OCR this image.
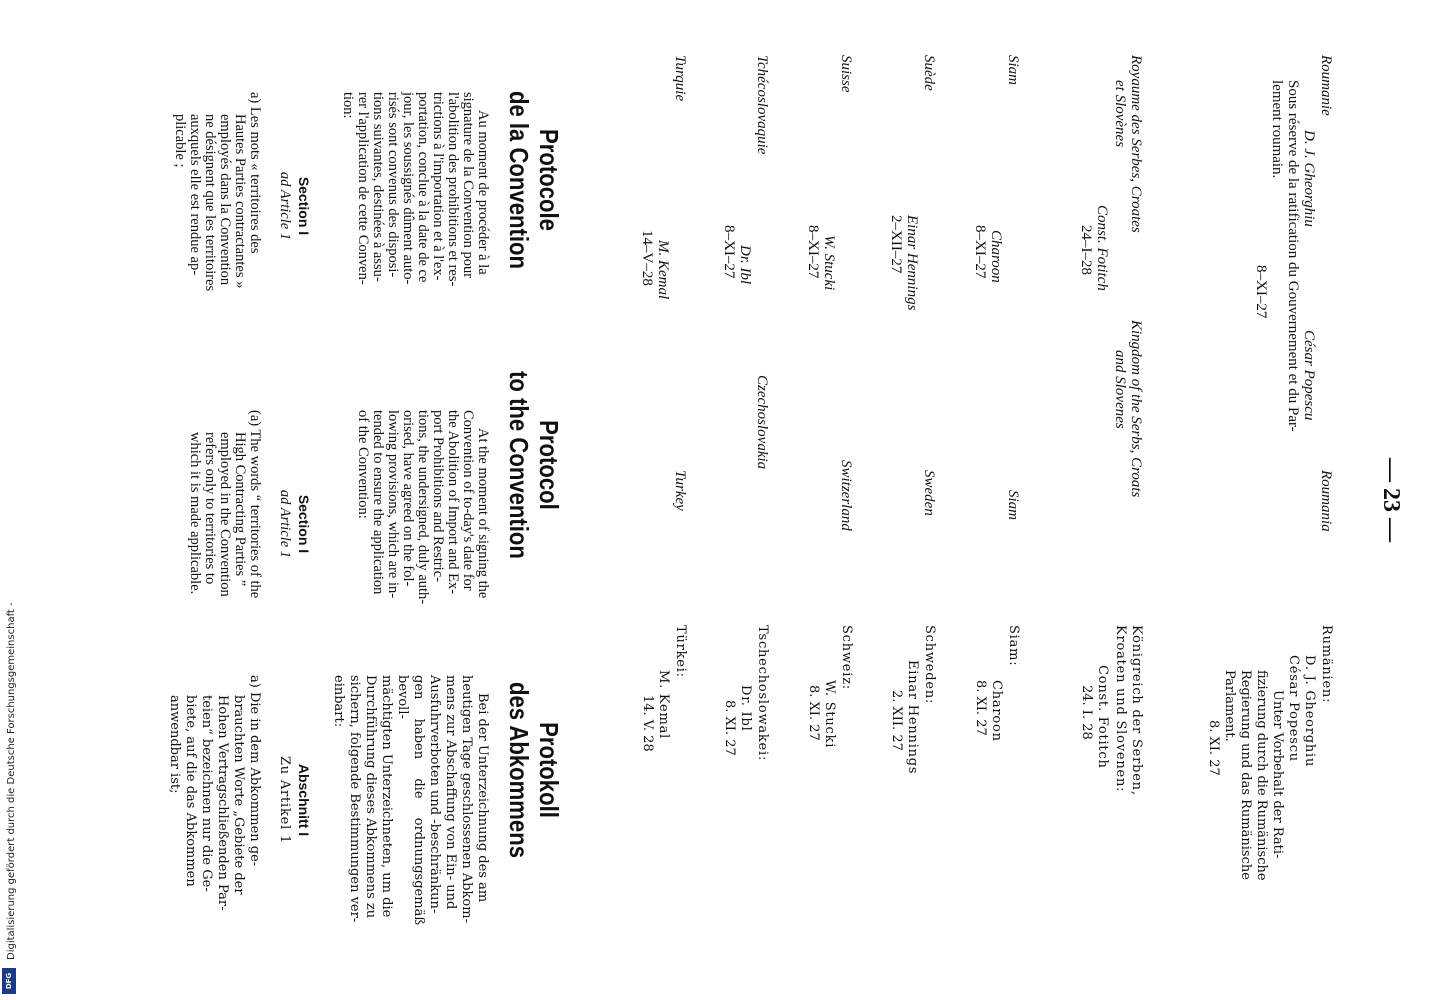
— 23 —
Roumanie
Roumania
Rumänien:
D. J. Gheorghiu
César Popescu
D. J. Gheorghiu
César Popescu
Sous réserve de la ratification du Gouvernement et du Par-
lement roumain.
8–XI–27
Unter Vorbehalt der Rati-
fizierung durch die Rumänische
Regierung und das Rumänische
Parlament.
8. XI. 27
Royaume des Serbes, Croates
et Slovènes
Kingdom of the Serbs, Croats
and Slovenes
Königreich der Serben,
Kroaten und Slovenen:
Const. Fotitch
24–I–28
Const. Fotitch
24. I. 28
Siam
Siam
Siam:
Charoon
8–XI–27
Charoon
8. XI. 27
Suède
Sweden
Schweden:
Einar Hennings
2–XII–27
Einar Hennings
2. XII. 27
Suisse
Switzerland
Schweiz:
W. Stucki
8–XI–27
W. Stucki
8. XI. 27
Tchécoslovaquie
Czechoslovakia
Tschechoslowakei:
Dr. Ibl
8–XI–27
Dr. Ibl
8. XI. 27
Turquie
Turkey
Türkei:
M. Kemal
14–V–28
M. Kemal
14. V. 28
Protocole
de la Convention
Protocol
to the Convention
Protokoll
des Abkommens
Au moment de procéder à la
signature de la Convention pour
l'abolition des prohibitions et res-
trictions à l'importation et à l'ex-
portation, conclue à la date de ce
jour, les soussignés dûment auto-
risés sont convenus des disposi-
tions suivantes, destinées à assu-
rer l'application de cette Conven-
tion:
At the moment of signing the
Convention of to-day's date for
the Abolition of Import and Ex-
port Prohibitions and Restric-
tions, the undersigned, duly auth-
orised, have agreed on the fol-
lowing provisions, which are in-
tended to ensure the application
of the Convention:
Bei der Unterzeichnung des am
heutigen Tage geschlossenen Abkom-
mens zur Abschaffung von Ein- und
Ausfuhrverboten und -beschränkun-
gen haben die ordnungsgemäß bevoll-
mächtigten Unterzeichneten, um die
Durchführung dieses Abkommens zu
sichern, folgende Bestimmungen ver-
einbart:
Section I
ad Article 1
Section I
ad Article 1
Abschnitt I
Zu Artikel 1
a) Les mots « territoires des
Hautes Parties contractantes »
employés dans la Convention
ne désignent que les territoires
auxquels elle est rendue ap-
plicable ;
(a) The words “ territories of the
High Contracting Parties ”
employed in the Convention
refers only to territories to
which it is made applicable.
a) Die in dem Abkommen ge-
brauchten Worte „Gebiete der
Hohen Vertragschließenden Par-
teien“ bezeichnen nur die Ge-
biete, auf die das Abkommen
anwendbar ist;
Digitalisierung gefördert durch die Deutsche Forschungsgemeinschaft -
DFG
